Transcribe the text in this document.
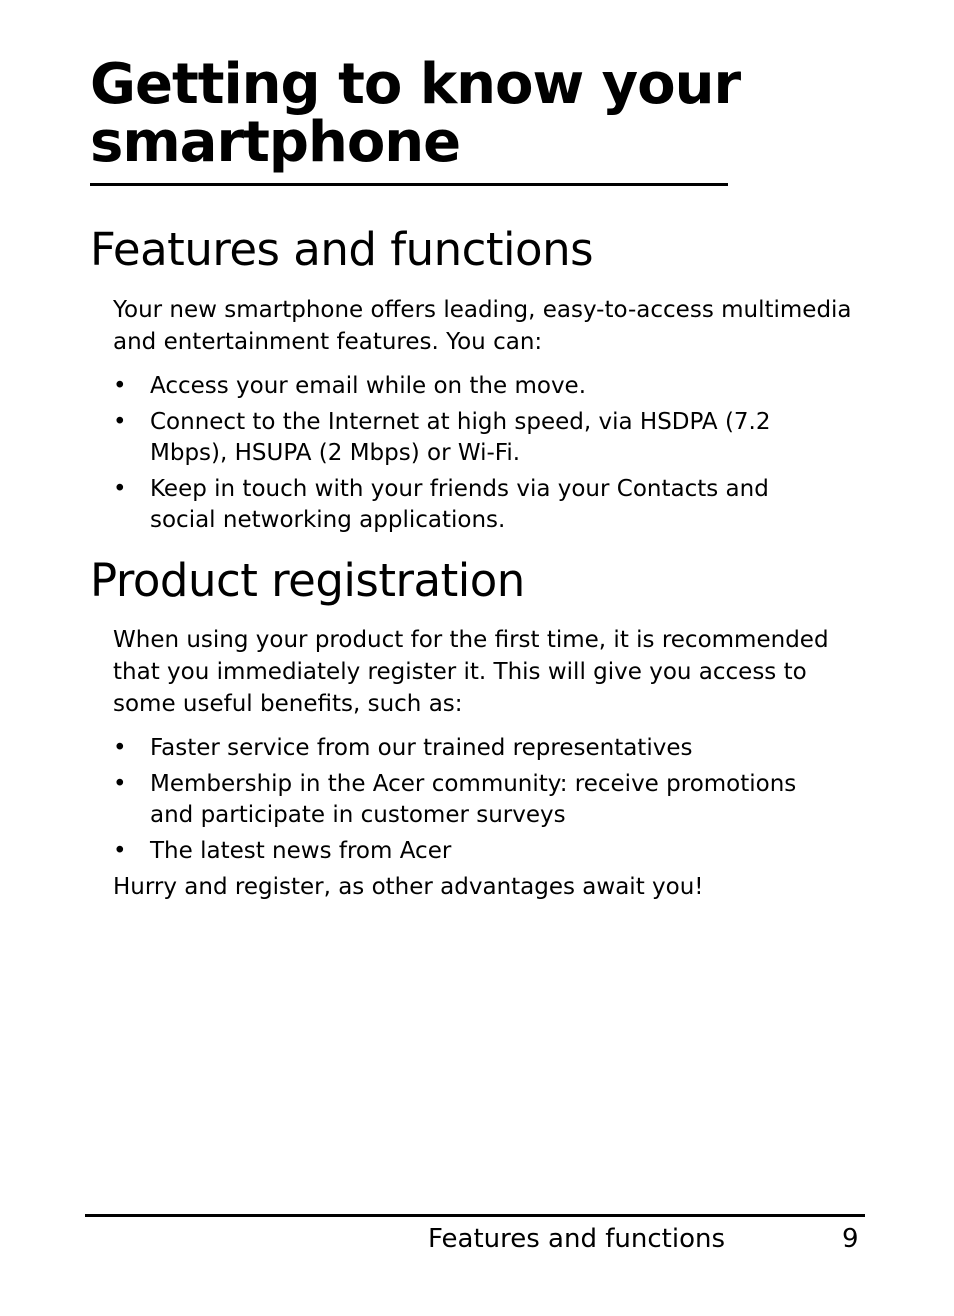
Getting to know your smartphone
Features and functions

Your new smartphone offers leading, easy-to-access multimedia and entertainment features. You can:

• Access your email while on the move.
• Connect to the Internet at high speed, via HSDPA (7.2 Mbps), HSUPA (2 Mbps) or Wi-Fi.
• Keep in touch with your friends via your Contacts and social networking applications.
Product registration

When using your product for the first time, it is recommended that you immediately register it. This will give you access to some useful benefits, such as:

• Faster service from our trained representatives
• Membership in the Acer community: receive promotions and participate in customer surveys
• The latest news from Acer

Hurry and register, as other advantages await you!

Features and functions	9
